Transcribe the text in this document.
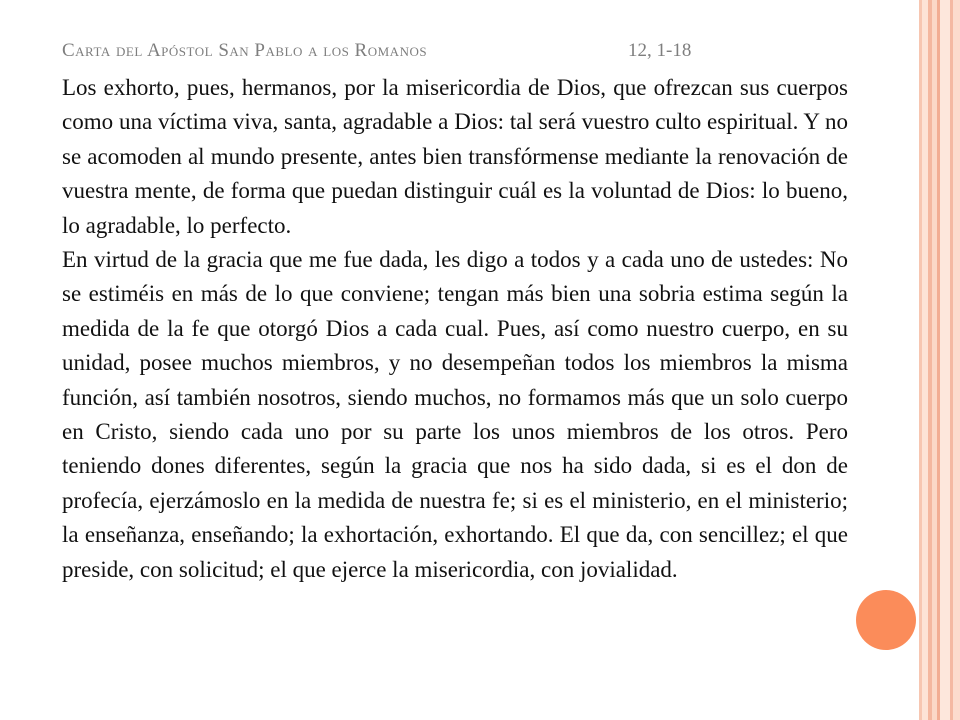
Carta del Apóstol San Pablo a los Romanos	12, 1-18

Los exhorto, pues, hermanos, por la misericordia de Dios, que ofrezcan sus cuerpos como una víctima viva, santa, agradable a Dios: tal será vuestro culto espiritual. Y no se acomoden al mundo presente, antes bien transfórmense mediante la renovación de vuestra mente, de forma que puedan distinguir cuál es la voluntad de Dios: lo bueno, lo agradable, lo perfecto.

En virtud de la gracia que me fue dada, les digo a todos y a cada uno de ustedes: No se estiméis en más de lo que conviene; tengan más bien una sobria estima según la medida de la fe que otorgó Dios a cada cual. Pues, así como nuestro cuerpo, en su unidad, posee muchos miembros, y no desempeñan todos los miembros la misma función, así también nosotros, siendo muchos, no formamos más que un solo cuerpo en Cristo, siendo cada uno por su parte los unos miembros de los otros. Pero teniendo dones diferentes, según la gracia que nos ha sido dada, si es el don de profecía, ejerzámoslo en la medida de nuestra fe; si es el ministerio, en el ministerio; la enseñanza, enseñando; la exhortación, exhortando. El que da, con sencillez; el que preside, con solicitud; el que ejerce la misericordia, con jovialidad.
